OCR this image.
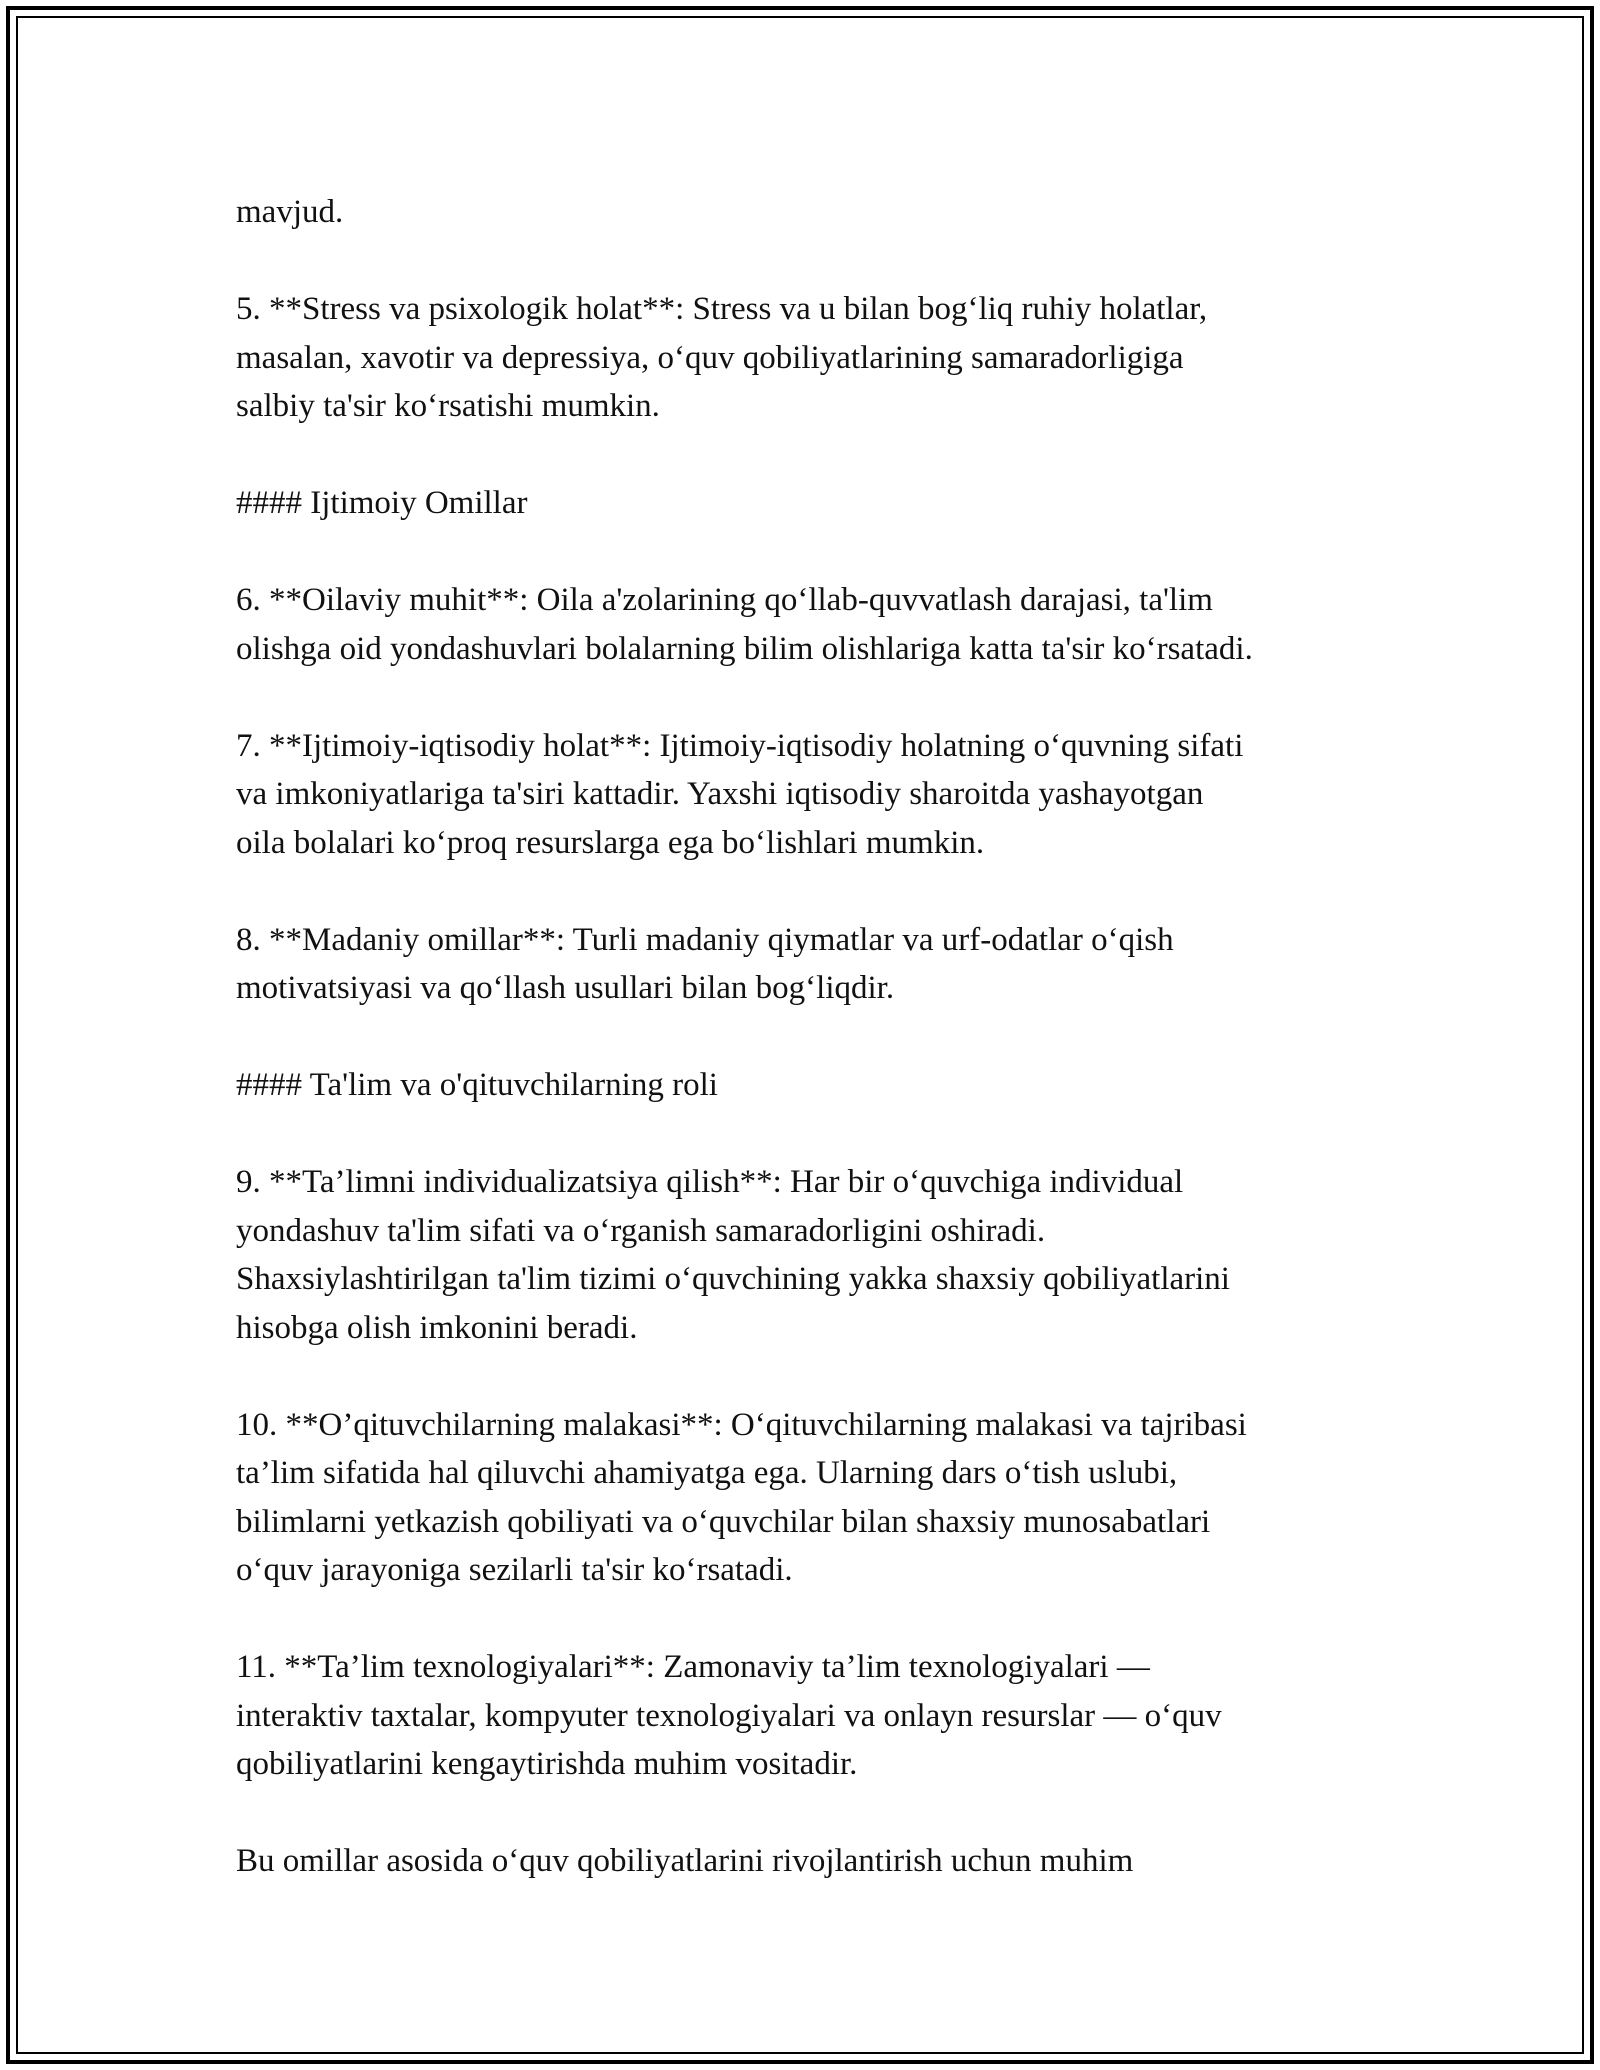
mavjud.

5. **Stress va psixologik holat**: Stress va u bilan bog‘liq ruhiy holatlar,
masalan, xavotir va depressiya, o‘quv qobiliyatlarining samaradorligiga
salbiy ta'sir ko‘rsatishi mumkin.

#### Ijtimoiy Omillar

6. **Oilaviy muhit**: Oila a'zolarining qo‘llab-quvvatlash darajasi, ta'lim
olishga oid yondashuvlari bolalarning bilim olishlariga katta ta'sir ko‘rsatadi.

7. **Ijtimoiy-iqtisodiy holat**: Ijtimoiy-iqtisodiy holatning o‘quvning sifati
va imkoniyatlariga ta'siri kattadir. Yaxshi iqtisodiy sharoitda yashayotgan
oila bolalari ko‘proq resurslarga ega bo‘lishlari mumkin.

8. **Madaniy omillar**: Turli madaniy qiymatlar va urf-odatlar o‘qish
motivatsiyasi va qo‘llash usullari bilan bog‘liqdir.

#### Ta'lim va o'qituvchilarning roli

9. **Ta’limni individualizatsiya qilish**: Har bir o‘quvchiga individual
yondashuv ta'lim sifati va o‘rganish samaradorligini oshiradi.
Shaxsiylashtirilgan ta'lim tizimi o‘quvchining yakka shaxsiy qobiliyatlarini
hisobga olish imkonini beradi.

10. **O’qituvchilarning malakasi**: O‘qituvchilarning malakasi va tajribasi
ta’lim sifatida hal qiluvchi ahamiyatga ega. Ularning dars o‘tish uslubi,
bilimlarni yetkazish qobiliyati va o‘quvchilar bilan shaxsiy munosabatlari
o‘quv jarayoniga sezilarli ta'sir ko‘rsatadi.

11. **Ta’lim texnologiyalari**: Zamonaviy ta’lim texnologiyalari —
interaktiv taxtalar, kompyuter texnologiyalari va onlayn resurslar — o‘quv
qobiliyatlarini kengaytirishda muhim vositadir.

Bu omillar asosida o‘quv qobiliyatlarini rivojlantirish uchun muhim
